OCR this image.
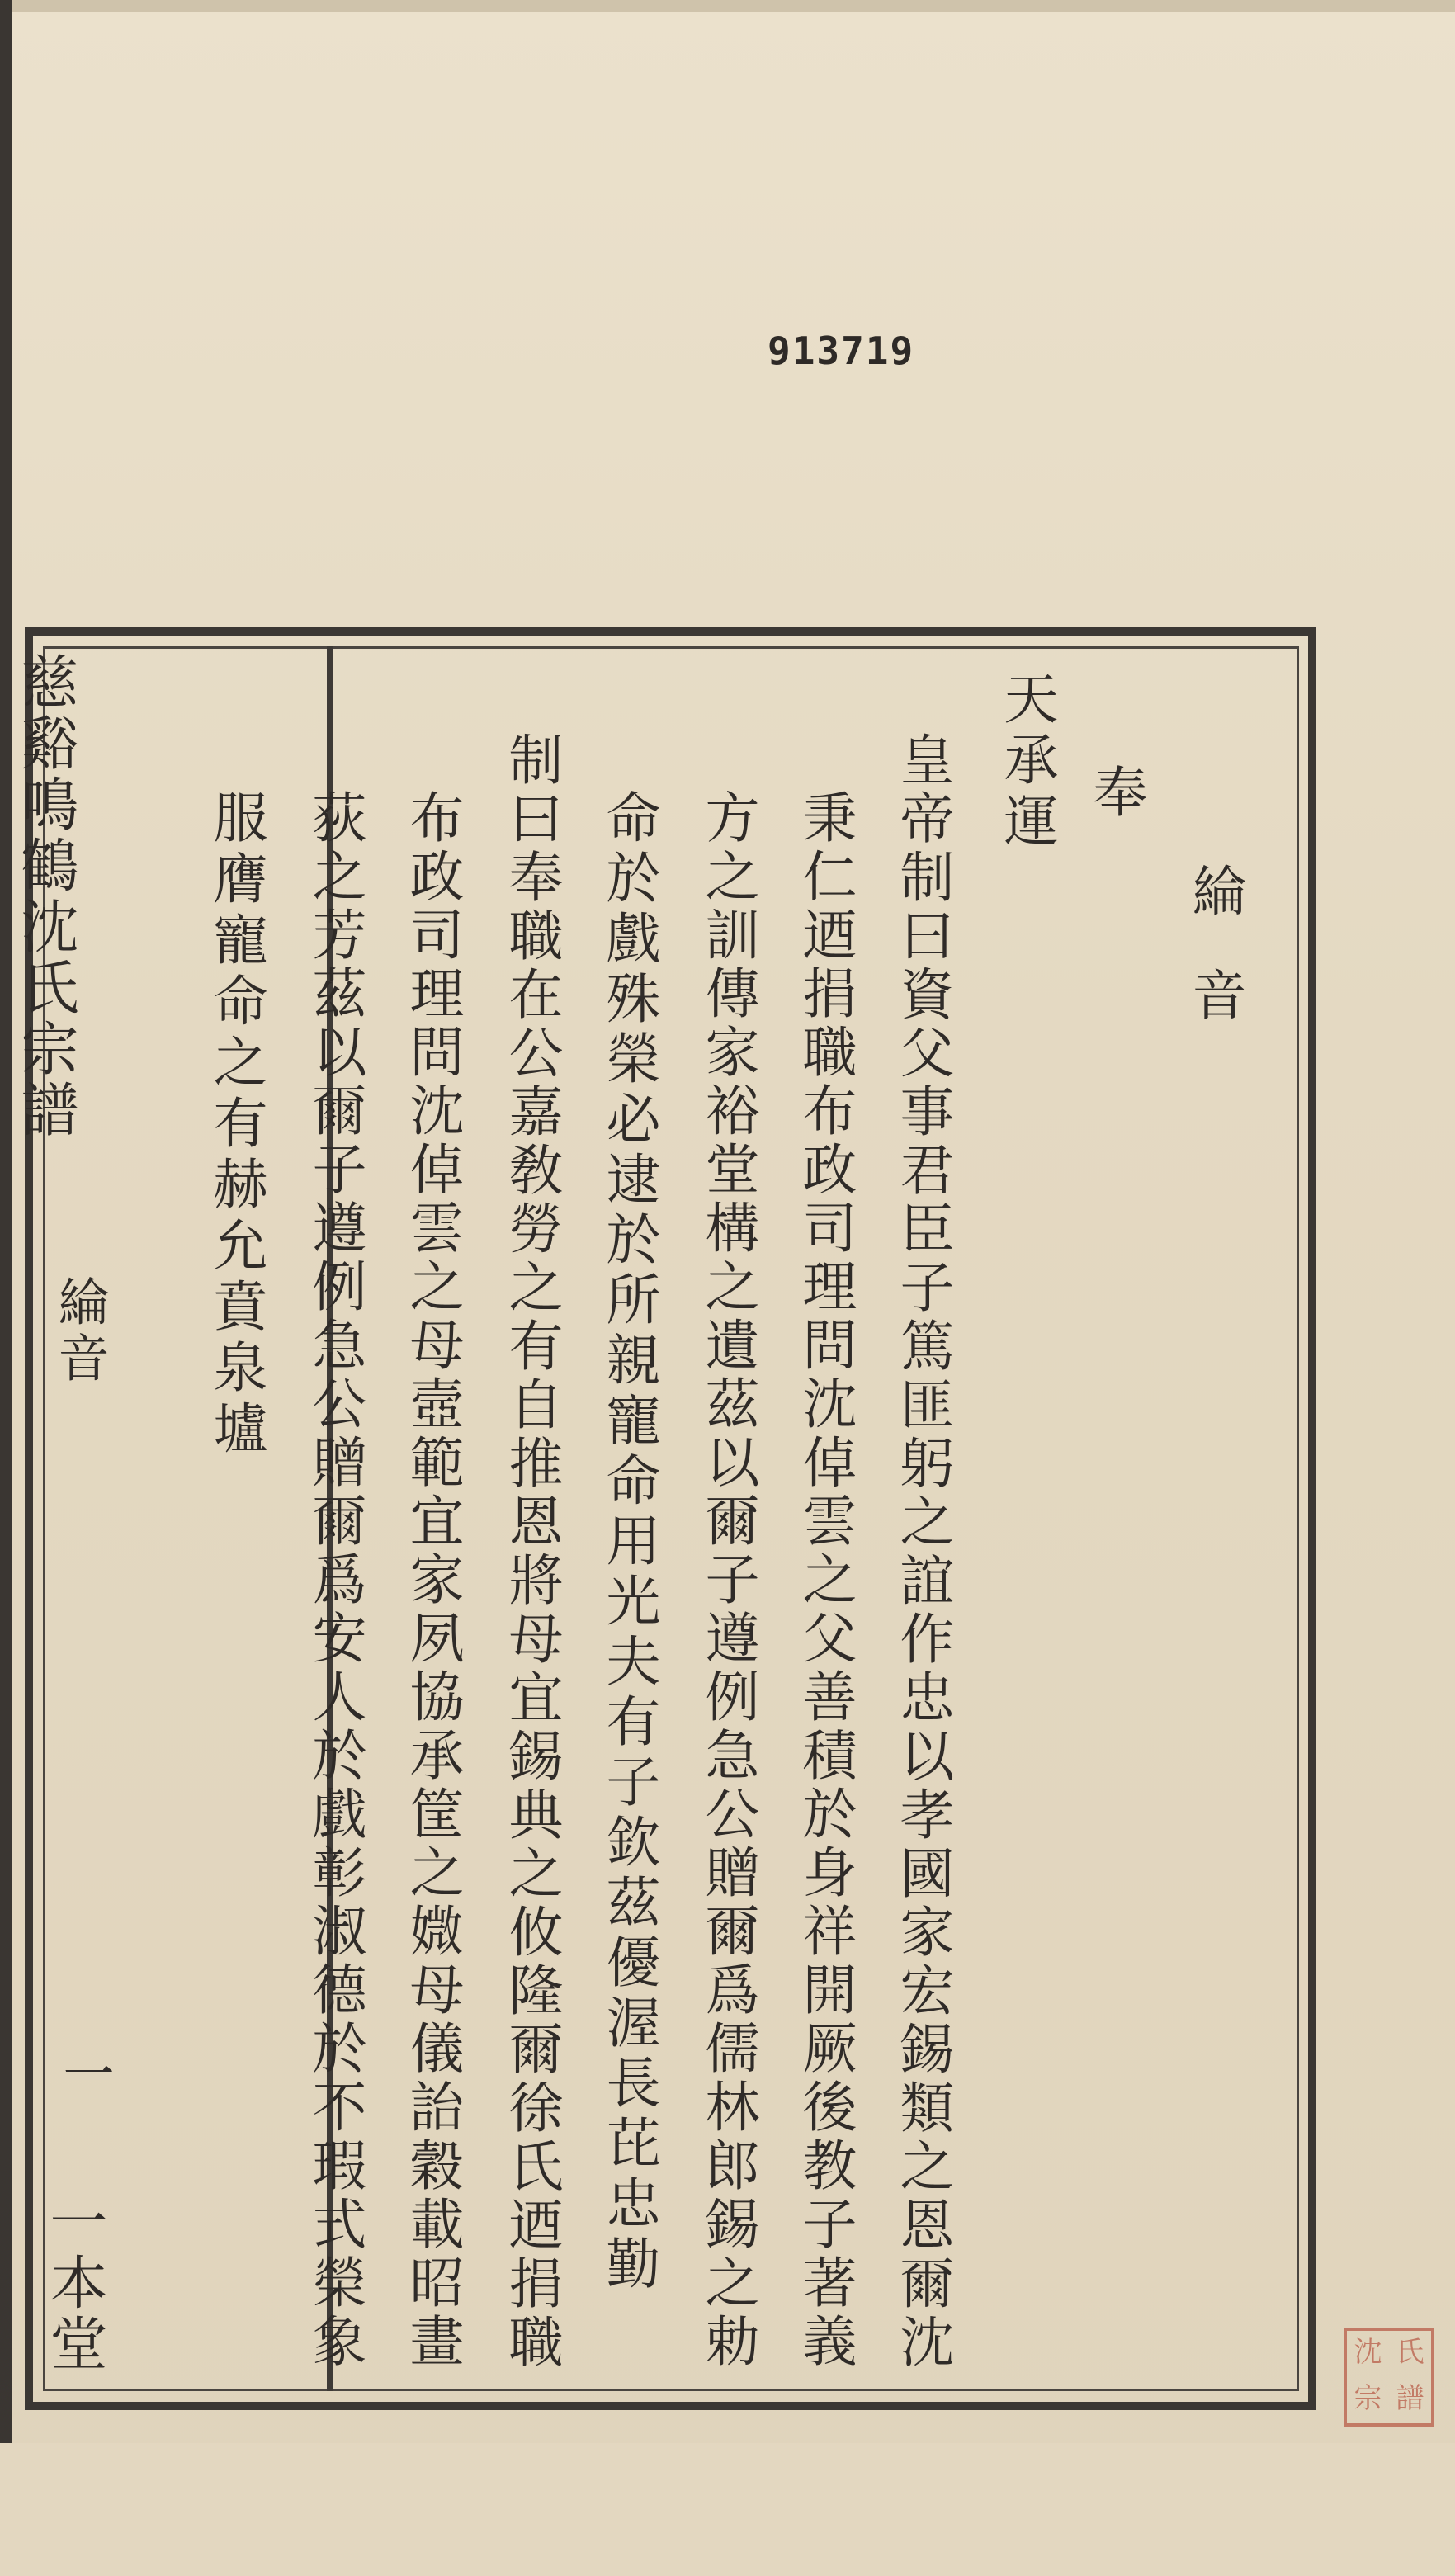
913719
慈谿鳴鶴沈氏宗譜
綸音
一
一本堂
綸音
奉
天承運
皇帝制曰資父事君臣子篤匪躬之誼作忠以孝國家宏錫類之恩爾沈
秉仁迺捐職布政司理問沈倬雲之父善積於身祥開厥後教子著義
方之訓傳家裕堂構之遺茲以爾子遵例急公贈爾爲儒林郎錫之勅
命於戲殊榮必逮於所親寵命用光夫有子欽茲優渥長芘忠勤
制曰奉職在公嘉敎勞之有自推恩將母宜錫典之攸隆爾徐氏迺捐職
布政司理問沈倬雲之母壼範宜家夙協承筐之媺母儀詒穀載昭畫
荻之芳茲以爾子遵例急公贈爾爲安人於戲彰淑德於不瑕式榮象
服膺寵命之有赫允賁泉壚
沈 氏
宗 譜
